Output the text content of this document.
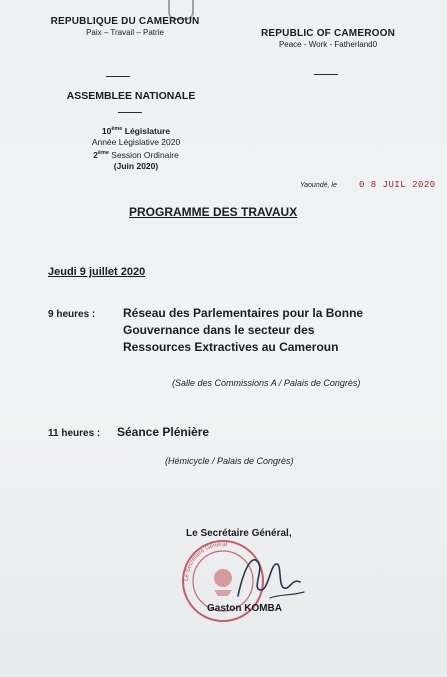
REPUBLIQUE DU CAMEROUN
Paix – Travail – Patrie	REPUBLIC OF CAMEROON
Peace - Work - Fatherland0
ASSEMBLEE NATIONALE
10ème Législature
Année Législative 2020
2ème Session Ordinaire
(Juin 2020)
Yaoundé, le 0 8 JUIL 2020
PROGRAMME DES TRAVAUX
Jeudi 9 juillet 2020
9 heures : Réseau des Parlementaires pour la Bonne
Gouvernance dans le secteur des
Ressources Extractives au Cameroun
(Salle des Commissions A / Palais de Congrès)
11 heures : Séance Plénière
(Hémicycle / Palais de Congrès)
Le Secrétaire Général
Le Secrétaire Général,
Gaston KOMBA
